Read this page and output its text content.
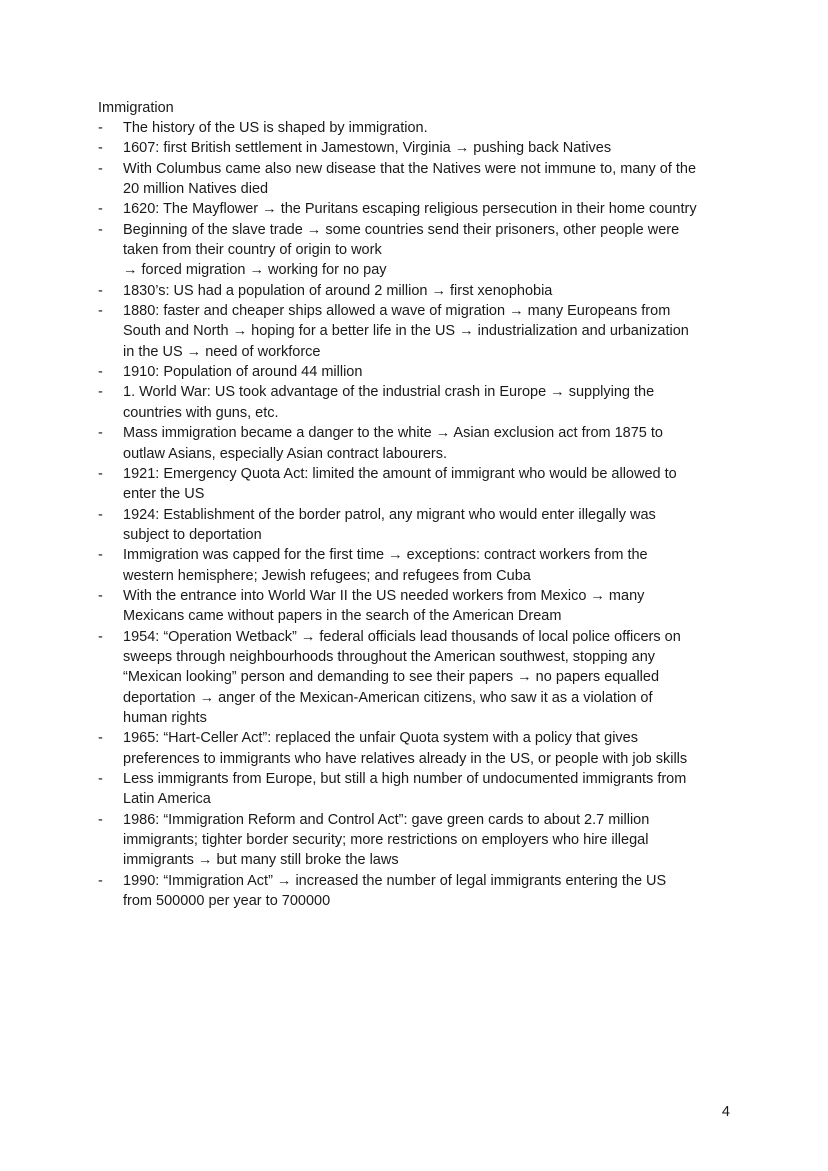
Immigration
-	The history of the US is shaped by immigration.
-	1607: first British settlement in Jamestown, Virginia → pushing back Natives
-	With Columbus came also new disease that the Natives were not immune to, many of the
20 million Natives died
-	1620: The Mayflower → the Puritans escaping religious persecution in their home country
-	Beginning of the slave trade → some countries send their prisoners, other people were
taken from their country of origin to work
→ forced migration → working for no pay
-	1830’s: US had a population of around 2 million → first xenophobia
-	1880: faster and cheaper ships allowed a wave of migration → many Europeans from
South and North → hoping for a better life in the US → industrialization and urbanization
in the US → need of workforce
-	1910: Population of around 44 million
-	1. World War: US took advantage of the industrial crash in Europe → supplying the
countries with guns, etc.
-	Mass immigration became a danger to the white → Asian exclusion act from 1875 to
outlaw Asians, especially Asian contract labourers.
-	1921: Emergency Quota Act: limited the amount of immigrant who would be allowed to
enter the US
-	1924: Establishment of the border patrol, any migrant who would enter illegally was
subject to deportation
-	Immigration was capped for the first time → exceptions: contract workers from the
western hemisphere; Jewish refugees; and refugees from Cuba
-	With the entrance into World War II the US needed workers from Mexico → many
Mexicans came without papers in the search of the American Dream
-	1954: “Operation Wetback” → federal officials lead thousands of local police officers on
sweeps through neighbourhoods throughout the American southwest, stopping any
“Mexican looking” person and demanding to see their papers → no papers equalled
deportation → anger of the Mexican-American citizens, who saw it as a violation of
human rights
-	1965: “Hart-Celler Act”: replaced the unfair Quota system with a policy that gives
preferences to immigrants who have relatives already in the US, or people with job skills
-	Less immigrants from Europe, but still a high number of undocumented immigrants from
Latin America
-	1986: “Immigration Reform and Control Act”: gave green cards to about 2.7 million
immigrants; tighter border security; more restrictions on employers who hire illegal
immigrants → but many still broke the laws
-	1990: “Immigration Act” → increased the number of legal immigrants entering the US
from 500000 per year to 700000
4
